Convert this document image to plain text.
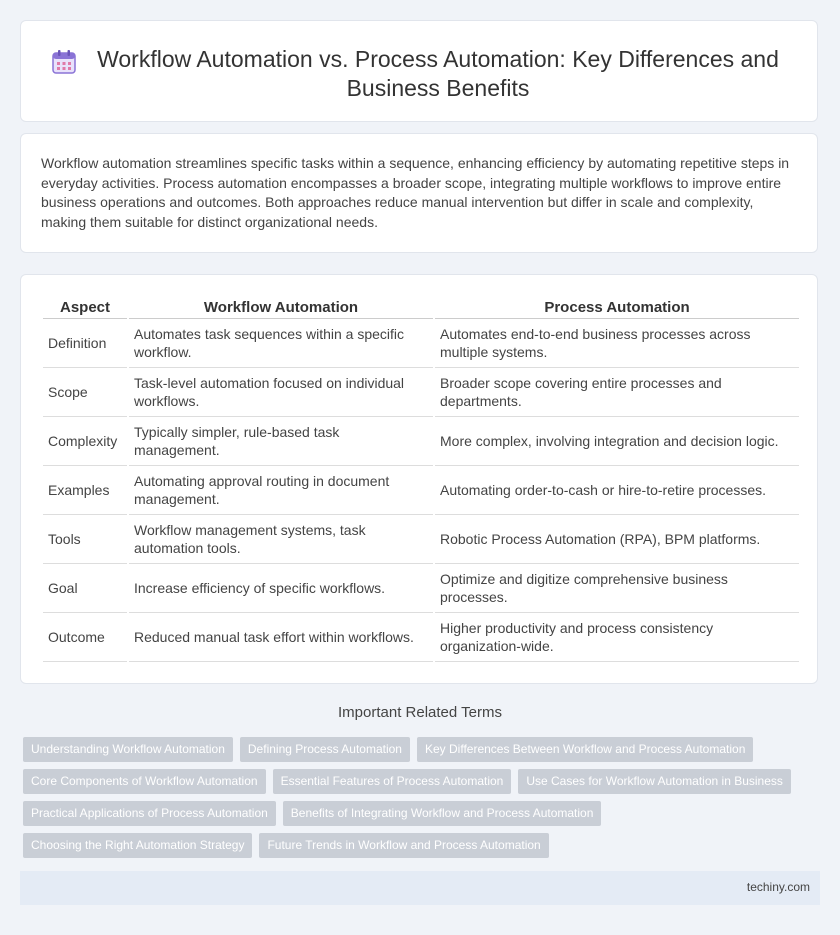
Workflow Automation vs. Process Automation: Key Differences and Business Benefits

Workflow automation streamlines specific tasks within a sequence, enhancing efficiency by automating repetitive steps in everyday activities. Process automation encompasses a broader scope, integrating multiple workflows to improve entire business operations and outcomes. Both approaches reduce manual intervention but differ in scale and complexity, making them suitable for distinct organizational needs.

Aspect	Workflow Automation	Process Automation
Definition	Automates task sequences within a specific workflow.	Automates end-to-end business processes across multiple systems.
Scope	Task-level automation focused on individual workflows.	Broader scope covering entire processes and departments.
Complexity	Typically simpler, rule-based task management.	More complex, involving integration and decision logic.
Examples	Automating approval routing in document management.	Automating order-to-cash or hire-to-retire processes.
Tools	Workflow management systems, task automation tools.	Robotic Process Automation (RPA), BPM platforms.
Goal	Increase efficiency of specific workflows.	Optimize and digitize comprehensive business processes.
Outcome	Reduced manual task effort within workflows.	Higher productivity and process consistency organization-wide.
Important Related Terms
Understanding Workflow Automation	Defining Process Automation	Key Differences Between Workflow and Process Automation
Core Components of Workflow Automation	Essential Features of Process Automation	Use Cases for Workflow Automation in Business
Practical Applications of Process Automation	Benefits of Integrating Workflow and Process Automation
Choosing the Right Automation Strategy	Future Trends in Workflow and Process Automation
techiny.com
